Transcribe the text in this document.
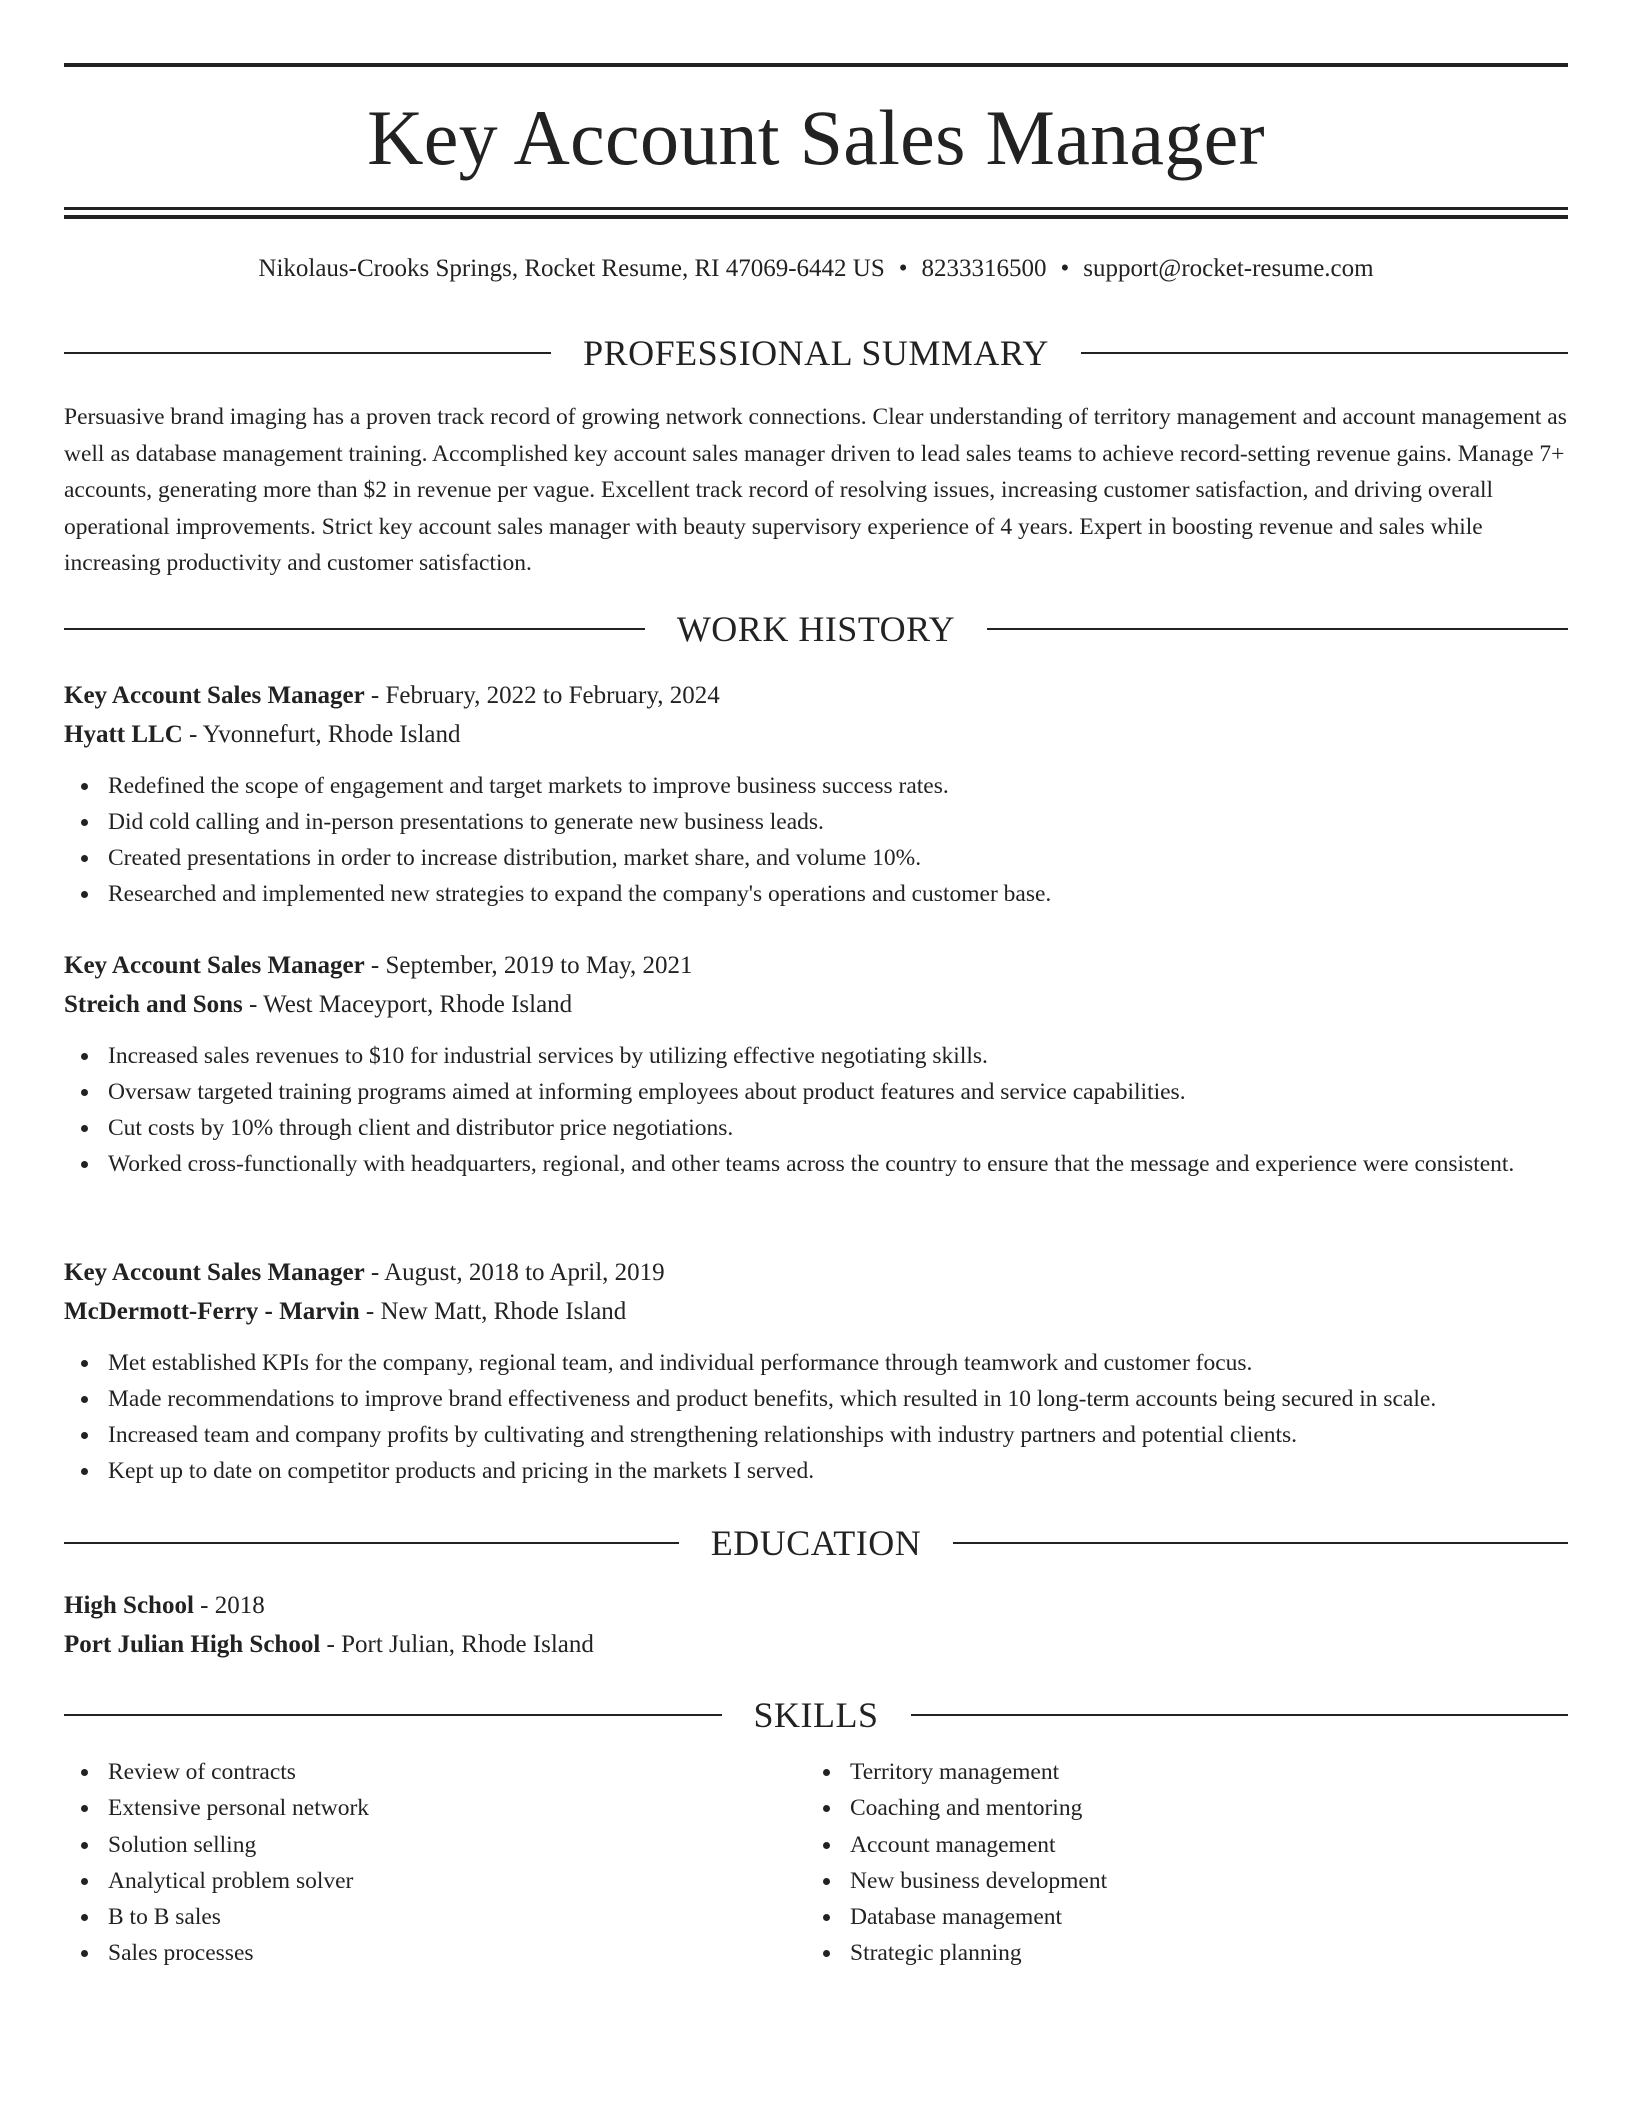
Key Account Sales Manager
Nikolaus-Crooks Springs, Rocket Resume, RI 47069-6442 US • 8233316500 • support@rocket-resume.com
PROFESSIONAL SUMMARY

Persuasive brand imaging has a proven track record of growing network connections. Clear understanding of territory management and account management as well as database management training. Accomplished key account sales manager driven to lead sales teams to achieve record-setting revenue gains. Manage 7+ accounts, generating more than $2 in revenue per vague. Excellent track record of resolving issues, increasing customer satisfaction, and driving overall operational improvements. Strict key account sales manager with beauty supervisory experience of 4 years. Expert in boosting revenue and sales while increasing productivity and customer satisfaction.

WORK HISTORY

Key Account Sales Manager - February, 2022 to February, 2024

Hyatt LLC - Yvonnefurt, Rhode Island

Redefined the scope of engagement and target markets to improve business success rates.
Did cold calling and in-person presentations to generate new business leads.
Created presentations in order to increase distribution, market share, and volume 10%.
Researched and implemented new strategies to expand the company's operations and customer base.

Key Account Sales Manager - September, 2019 to May, 2021

Streich and Sons - West Maceyport, Rhode Island

Increased sales revenues to $10 for industrial services by utilizing effective negotiating skills.
Oversaw targeted training programs aimed at informing employees about product features and service capabilities.
Cut costs by 10% through client and distributor price negotiations.
Worked cross-functionally with headquarters, regional, and other teams across the country to ensure that the message and experience were consistent.

Key Account Sales Manager - August, 2018 to April, 2019

McDermott-Ferry - Marvin - New Matt, Rhode Island

Met established KPIs for the company, regional team, and individual performance through teamwork and customer focus.
Made recommendations to improve brand effectiveness and product benefits, which resulted in 10 long-term accounts being secured in scale.
Increased team and company profits by cultivating and strengthening relationships with industry partners and potential clients.
Kept up to date on competitor products and pricing in the markets I served.
EDUCATION

High School - 2018

Port Julian High School - Port Julian, Rhode Island

SKILLS
Review of contracts
Extensive personal network
Solution selling
Analytical problem solver
B to B sales
Sales processes
Territory management
Coaching and mentoring
Account management
New business development
Database management
Strategic planning
